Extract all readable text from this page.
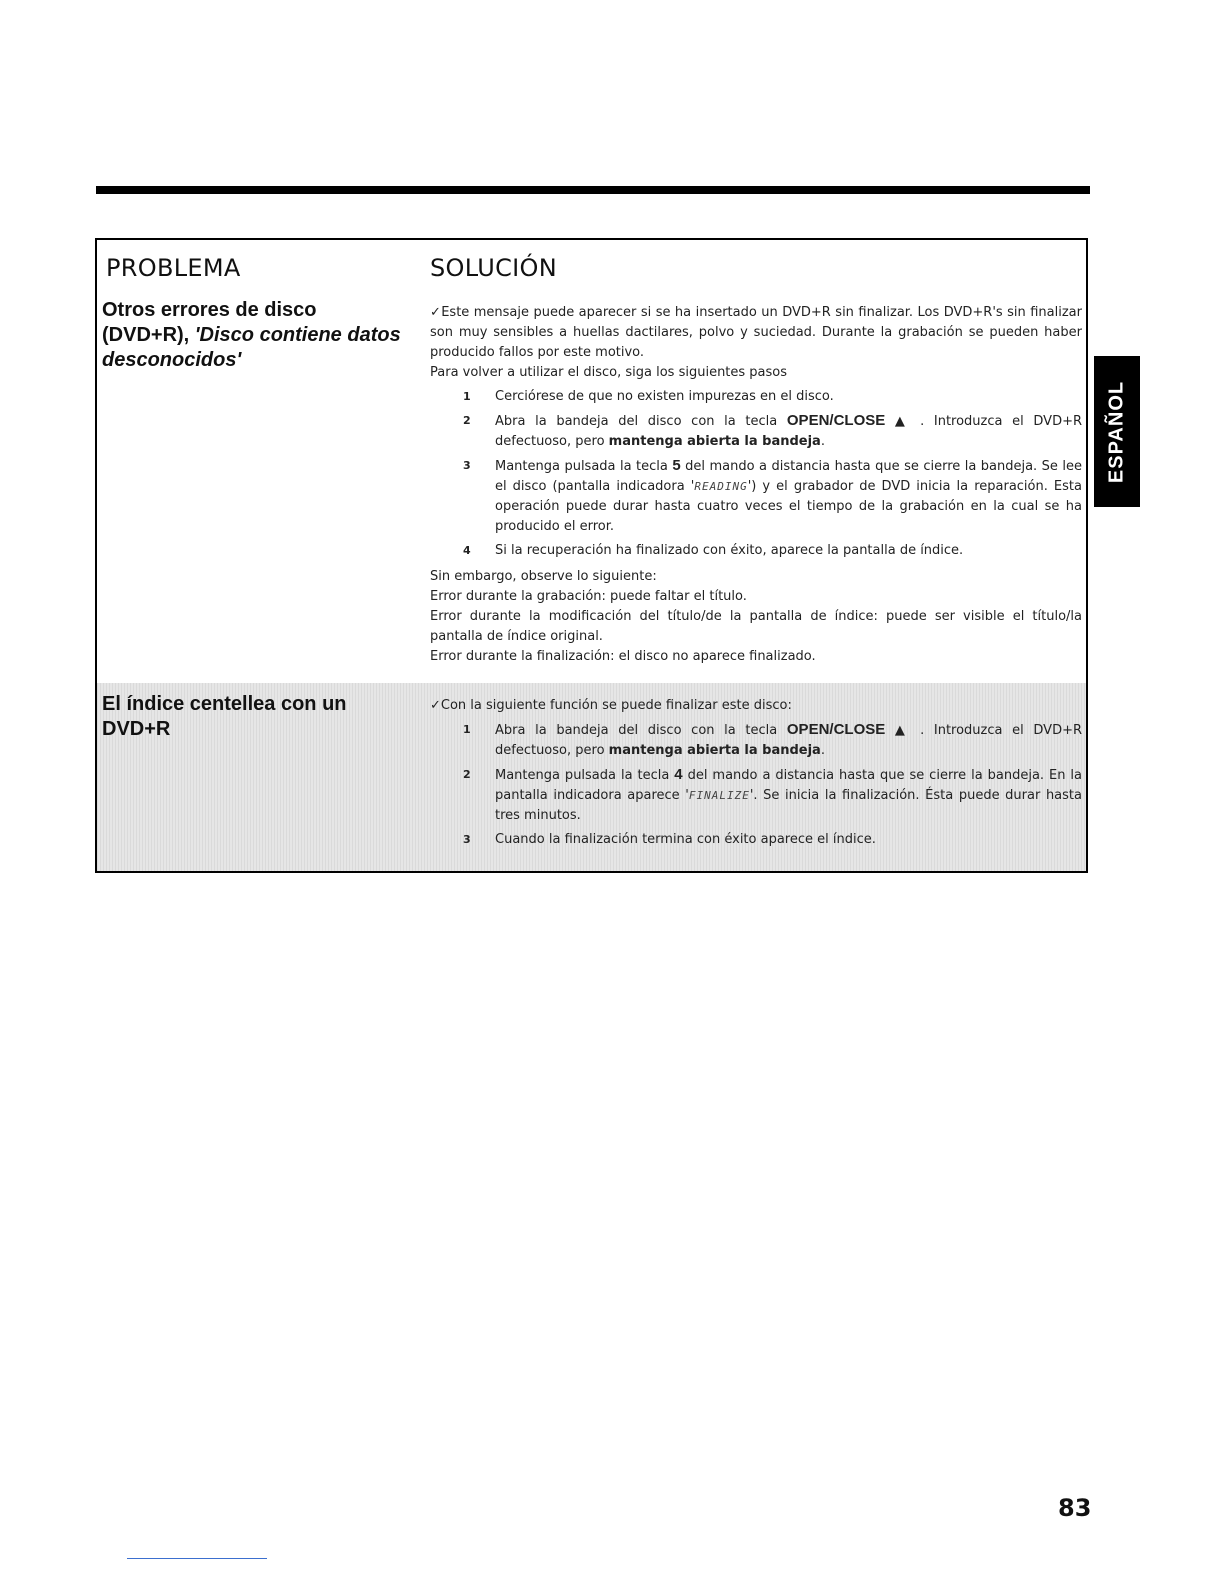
PROBLEMA	SOLUCIÓN
Otros errores de disco (DVD+R), 'Disco contiene datos desconocidos'

✓Este mensaje puede aparecer si se ha insertado un DVD+R sin finalizar. Los DVD+R's sin finalizar son muy sensibles a huellas dactilares, polvo y suciedad. Durante la grabación se pueden haber producido fallos por este motivo.

Para volver a utilizar el disco, siga los siguientes pasos

1 Cerciórese de que no existen impurezas en el disco.
2 Abra la bandeja del disco con la tecla OPEN/CLOSE ▲ . Introduzca el DVD+R defectuoso, pero mantenga abierta la bandeja.
3 Mantenga pulsada la tecla 5 del mando a distancia hasta que se cierre la bandeja. Se lee el disco (pantalla indicadora 'READING') y el grabador de DVD inicia la reparación. Esta operación puede durar hasta cuatro veces el tiempo de la grabación en la cual se ha producido el error.
4 Si la recuperación ha finalizado con éxito, aparece la pantalla de índice.

Sin embargo, observe lo siguiente:

Error durante la grabación: puede faltar el título.

Error durante la modificación del título/de la pantalla de índice: puede ser visible el título/la pantalla de índice original.

Error durante la finalización: el disco no aparece finalizado.

El índice centellea con un DVD+R

✓Con la siguiente función se puede finalizar este disco:

1 Abra la bandeja del disco con la tecla OPEN/CLOSE ▲ . Introduzca el DVD+R defectuoso, pero mantenga abierta la bandeja.
2 Mantenga pulsada la tecla 4 del mando a distancia hasta que se cierre la bandeja. En la pantalla indicadora aparece 'FINALIZE'. Se inicia la finalización. Ésta puede durar hasta tres minutos.
3 Cuando la finalización termina con éxito aparece el índice.
ESPAÑOL
83
